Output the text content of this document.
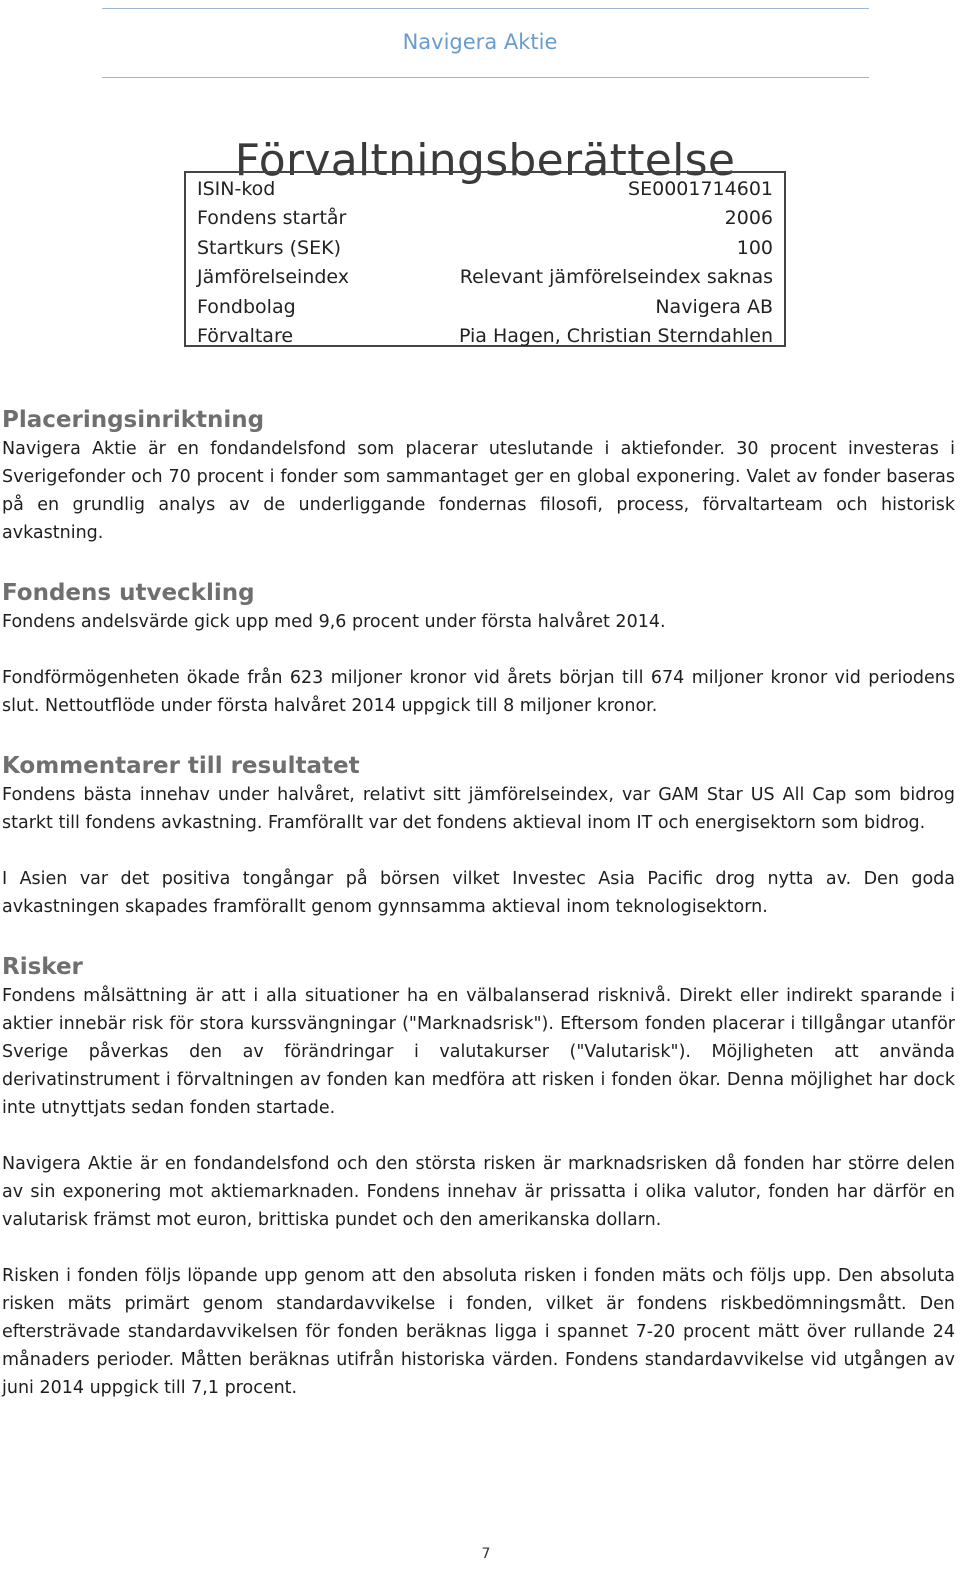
Navigera Aktie
Förvaltningsberättelse
ISIN-kod	SE0001714601
Fondens startår	2006
Startkurs (SEK)	100
Jämförelseindex	Relevant jämförelseindex saknas
Fondbolag	Navigera AB
Förvaltare	Pia Hagen, Christian Sterndahlen
Placeringsinriktning

Navigera Aktie är en fondandelsfond som placerar uteslutande i aktiefonder. 30 procent investeras i Sverigefonder och 70 procent i fonder som sammantaget ger en global exponering. Valet av fonder baseras på en grundlig analys av de underliggande fondernas filosofi, process, förvaltarteam och historisk avkastning.

Fondens utveckling

Fondens andelsvärde gick upp med 9,6 procent under första halvåret 2014.

Fondförmögenheten ökade från 623 miljoner kronor vid årets början till 674 miljoner kronor vid periodens slut. Nettoutflöde under första halvåret 2014 uppgick till 8 miljoner kronor.

Kommentarer till resultatet

Fondens bästa innehav under halvåret, relativt sitt jämförelseindex, var GAM Star US All Cap som bidrog starkt till fondens avkastning. Framförallt var det fondens aktieval inom IT och energisektorn som bidrog.

I Asien var det positiva tongångar på börsen vilket Investec Asia Pacific drog nytta av. Den goda avkastningen skapades framförallt genom gynnsamma aktieval inom teknologisektorn.

Risker

Fondens målsättning är att i alla situationer ha en välbalanserad risknivå. Direkt eller indirekt sparande i aktier innebär risk för stora kurssvängningar ("Marknadsrisk"). Eftersom fonden placerar i tillgångar utanför Sverige påverkas den av förändringar i valutakurser ("Valutarisk"). Möjligheten att använda derivatinstrument i förvaltningen av fonden kan medföra att risken i fonden ökar. Denna möjlighet har dock inte utnyttjats sedan fonden startade.

Navigera Aktie är en fondandelsfond och den största risken är marknadsrisken då fonden har större delen av sin exponering mot aktiemarknaden. Fondens innehav är prissatta i olika valutor, fonden har därför en valutarisk främst mot euron, brittiska pundet och den amerikanska dollarn.

Risken i fonden följs löpande upp genom att den absoluta risken i fonden mäts och följs upp. Den absoluta risken mäts primärt genom standardavvikelse i fonden, vilket är fondens riskbedömningsmått. Den eftersträvade standardavvikelsen för fonden beräknas ligga i spannet 7-20 procent mätt över rullande 24 månaders perioder. Måtten beräknas utifrån historiska värden. Fondens standardavvikelse vid utgången av juni 2014 uppgick till 7,1 procent.

7
